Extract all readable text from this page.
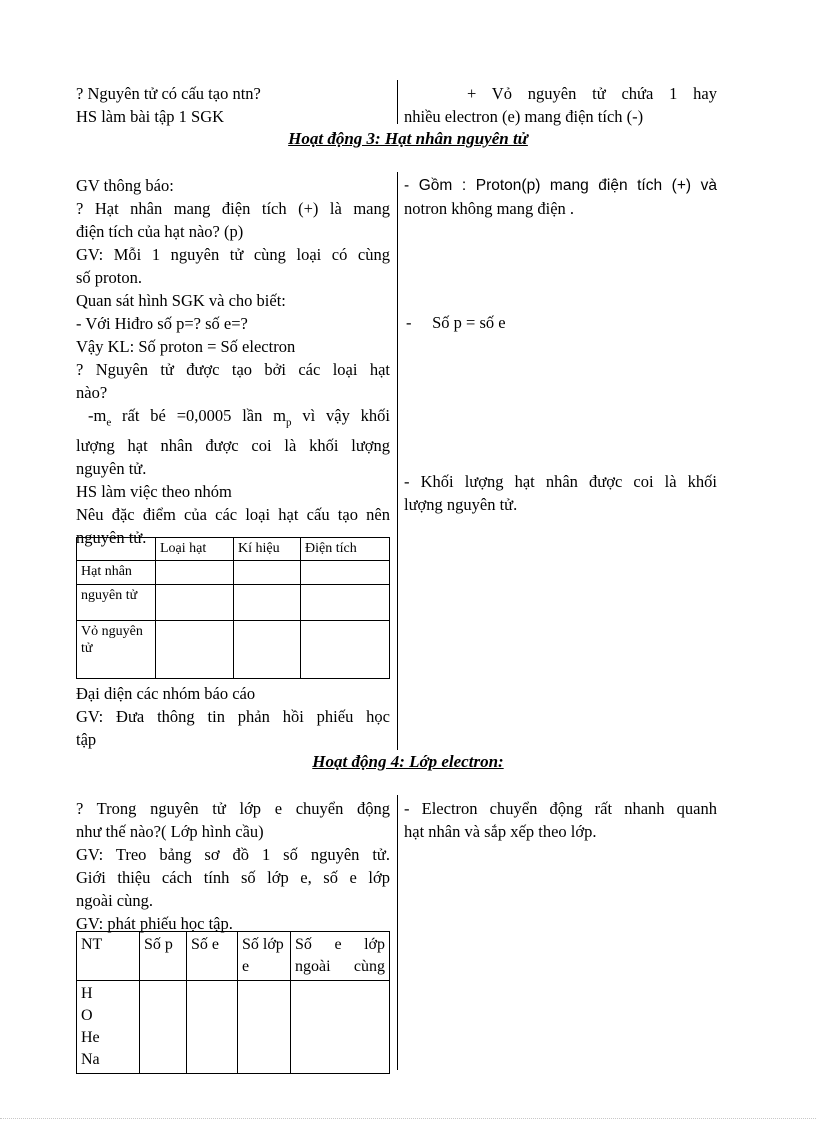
? Nguyên tử có cấu tạo ntn?
HS làm bài tập 1 SGK
+ Vỏ nguyên tử chứa 1 hay
nhiều electron (e) mang điện tích (-)
Hoạt động 3: Hạt nhân nguyên tử
GV thông báo:
? Hạt nhân mang điện tích (+) là mang
điện tích của hạt nào? (p)
GV: Mỗi 1 nguyên tử cùng loại có cùng
số proton.
Quan sát hình SGK và cho biết:
- Với Hiđro số p=? số e=?
Vậy KL: Số proton = Số electron
? Nguyên tử được tạo bởi các loại hạt
nào?
$-m_e$ rất bé =0,0005 lần $m_p$ vì vậy khối
lượng hạt nhân được coi là khối lượng
nguyên tử.
HS làm việc theo nhóm
Nêu đặc điểm của các loại hạt cấu tạo nên
nguyên tử.
	Loại hạt	Kí hiệu	Điện tích
Hạt nhân			
nguyên tử			
Vỏ nguyên tử			
Đại diện các nhóm báo cáo
GV: Đưa thông tin phản hồi phiếu học
tập
- Gồm : Proton(p) mang điện tích (+) và
notron không mang điện .
-     Số p = số e
- Khối lượng hạt nhân được coi là khối
lượng nguyên tử.
Hoạt động 4: Lớp electron:
? Trong nguyên tử lớp e chuyển động
như thế nào?( Lớp hình cầu)
GV: Treo bảng sơ đồ 1 số nguyên tử.
Giới thiệu cách tính số lớp e, số e lớp
ngoài cùng.
GV: phát phiếu học tập.
- Electron chuyển động rất nhanh quanh
hạt nhân và sắp xếp theo lớp.
NT	Số p	Số e	Số lớp e	Số e lớp ngoài cùng

H
O
He
Na				
